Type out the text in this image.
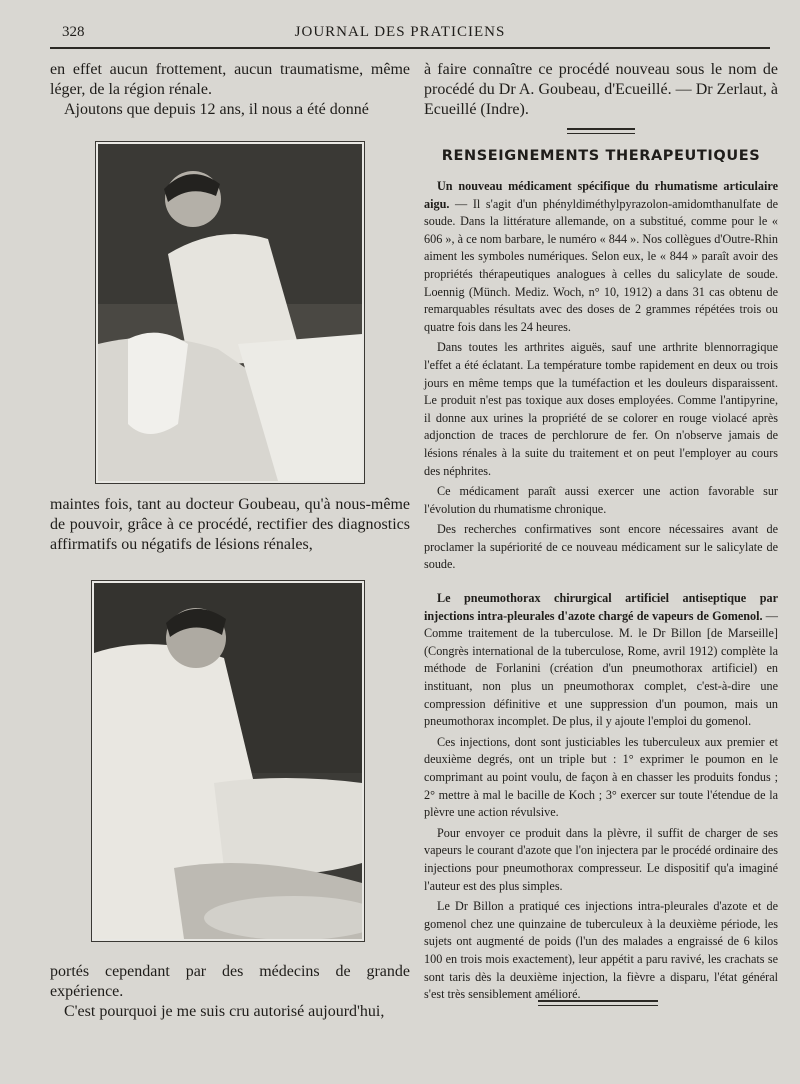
328	JOURNAL DES PRATICIENS

en effet aucun frottement, aucun traumatisme, même léger, de la région rénale.

Ajoutons que depuis 12 ans, il nous a été donné

maintes fois, tant au docteur Goubeau, qu'à nous-même de pouvoir, grâce à ce procédé, rectifier des diagnostics affirmatifs ou négatifs de lésions rénales,

portés cependant par des médecins de grande expérience.

C'est pourquoi je me suis cru autorisé aujourd'hui,

à faire connaître ce procédé nouveau sous le nom de procédé du Dr A. Goubeau, d'Ecueillé. — Dr Zerlaut, à Ecueillé (Indre).

RENSEIGNEMENTS THERAPEUTIQUES

Un nouveau médicament spécifique du rhumatisme articulaire aigu. — Il s'agit d'un phényldiméthylpyrazolon-amidomthanulfate de soude. Dans la littérature allemande, on a substitué, comme pour le « 606 », à ce nom barbare, le numéro « 844 ». Nos collègues d'Outre-Rhin aiment les symboles numériques. Selon eux, le « 844 » paraît avoir des propriétés thérapeutiques analogues à celles du salicylate de soude. Loennig (Münch. Mediz. Woch, n° 10, 1912) a dans 31 cas obtenu de remarquables résultats avec des doses de 2 grammes répétées trois ou quatre fois dans les 24 heures.

Dans toutes les arthrites aiguës, sauf une arthrite blennorragique l'effet a été éclatant. La température tombe rapidement en deux ou trois jours en même temps que la tuméfaction et les douleurs disparaissent. Le produit n'est pas toxique aux doses employées. Comme l'antipyrine, il donne aux urines la propriété de se colorer en rouge violacé après adjonction de traces de perchlorure de fer. On n'observe jamais de lésions rénales à la suite du traitement et on peut l'employer au cours des néphrites.

Ce médicament paraît aussi exercer une action favorable sur l'évolution du rhumatisme chronique.

Des recherches confirmatives sont encore nécessaires avant de proclamer la supériorité de ce nouveau médicament sur le salicylate de soude.

Le pneumothorax chirurgical artificiel antiseptique par injections intra-pleurales d'azote chargé de vapeurs de Gomenol. — Comme traitement de la tuberculose. M. le Dr Billon [de Marseille] (Congrès international de la tuberculose, Rome, avril 1912) complète la méthode de Forlanini (création d'un pneumothorax artificiel) en instituant, non plus un pneumothorax complet, c'est-à-dire une compression définitive et une suppression d'un poumon, mais un pneumothorax incomplet. De plus, il y ajoute l'emploi du gomenol.

Ces injections, dont sont justiciables les tuberculeux aux premier et deuxième degrés, ont un triple but : 1° exprimer le poumon en le comprimant au point voulu, de façon à en chasser les produits fondus ; 2° mettre à mal le bacille de Koch ; 3° exercer sur toute l'étendue de la plèvre une action révulsive.

Pour envoyer ce produit dans la plèvre, il suffit de charger de ses vapeurs le courant d'azote que l'on injectera par le procédé ordinaire des injections pour pneumothorax compresseur. Le dispositif qu'a imaginé l'auteur est des plus simples.

Le Dr Billon a pratiqué ces injections intra-pleurales d'azote et de gomenol chez une quinzaine de tuberculeux à la deuxième période, les sujets ont augmenté de poids (l'un des malades a engraissé de 6 kilos 100 en trois mois exactement), leur appétit a paru ravivé, les crachats se sont taris dès la deuxième injection, la fièvre a disparu, l'état général s'est très sensiblement amélioré.
